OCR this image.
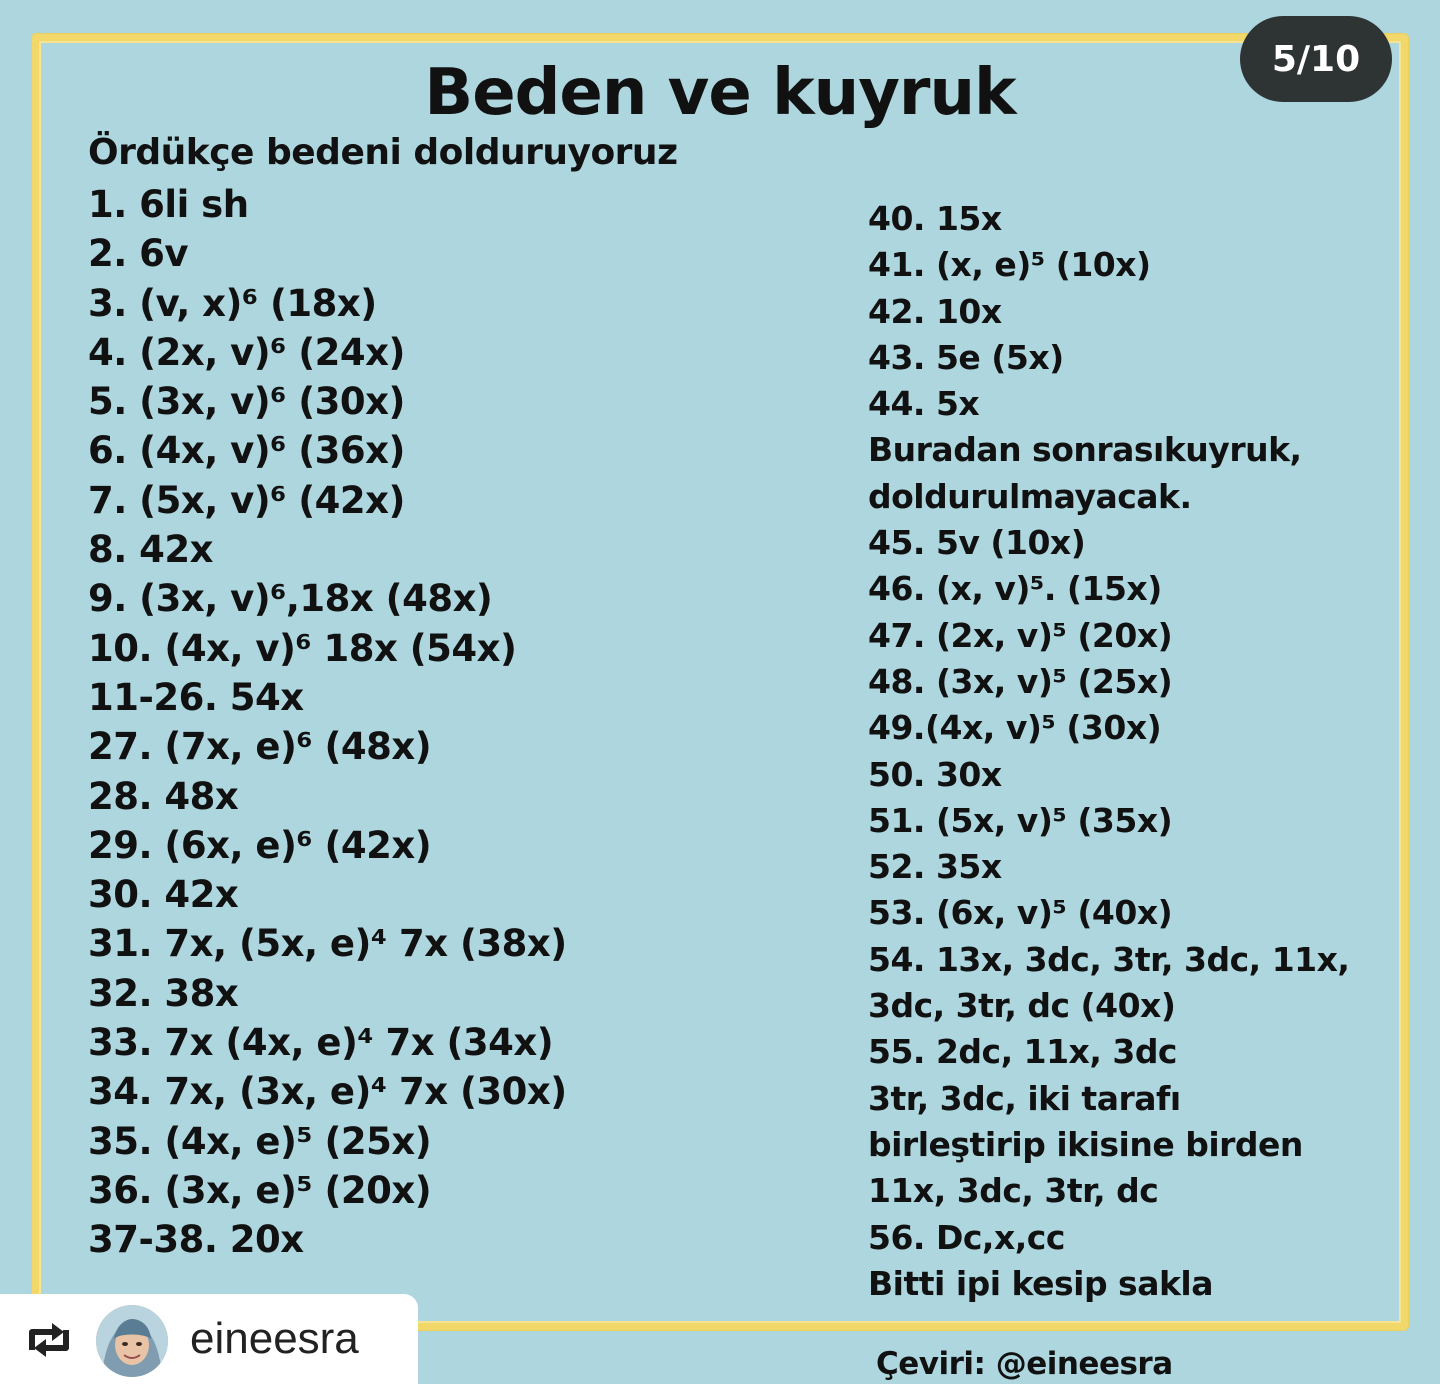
5/10
Beden ve kuyruk
Ördükçe bedeni dolduruyoruz
1. 6li sh
2. 6v
3. (v, x)⁶ (18x)
4. (2x, v)⁶ (24x)
5. (3x, v)⁶ (30x)
6. (4x, v)⁶ (36x)
7. (5x, v)⁶ (42x)
8. 42x
9. (3x, v)⁶,18x (48x)
10. (4x, v)⁶ 18x (54x)
11-26. 54x
27. (7x, e)⁶ (48x)
28. 48x
29. (6x, e)⁶ (42x)
30. 42x
31. 7x, (5x, e)⁴ 7x (38x)
32. 38x
33. 7x (4x, e)⁴ 7x (34x)
34. 7x, (3x, e)⁴ 7x (30x)
35. (4x, e)⁵ (25x)
36. (3x, e)⁵ (20x)
37-38. 20x
40. 15x
41. (x, e)⁵ (10x)
42. 10x
43. 5e (5x)
44. 5x
Buradan sonrasıkuyruk,
doldurulmayacak.
45. 5v (10x)
46. (x, v)⁵. (15x)
47. (2x, v)⁵ (20x)
48. (3x, v)⁵ (25x)
49.(4x, v)⁵ (30x)
50. 30x
51. (5x, v)⁵ (35x)
52. 35x
53. (6x, v)⁵ (40x)
54. 13x, 3dc, 3tr, 3dc, 11x,
3dc, 3tr, dc (40x)
55. 2dc, 11x, 3dc
3tr, 3dc, iki tarafı
birleştirip ikisine birden
11x, 3dc, 3tr, dc
56. Dc,x,cc
Bitti ipi kesip sakla
Çeviri: @eineesra
eineesra
